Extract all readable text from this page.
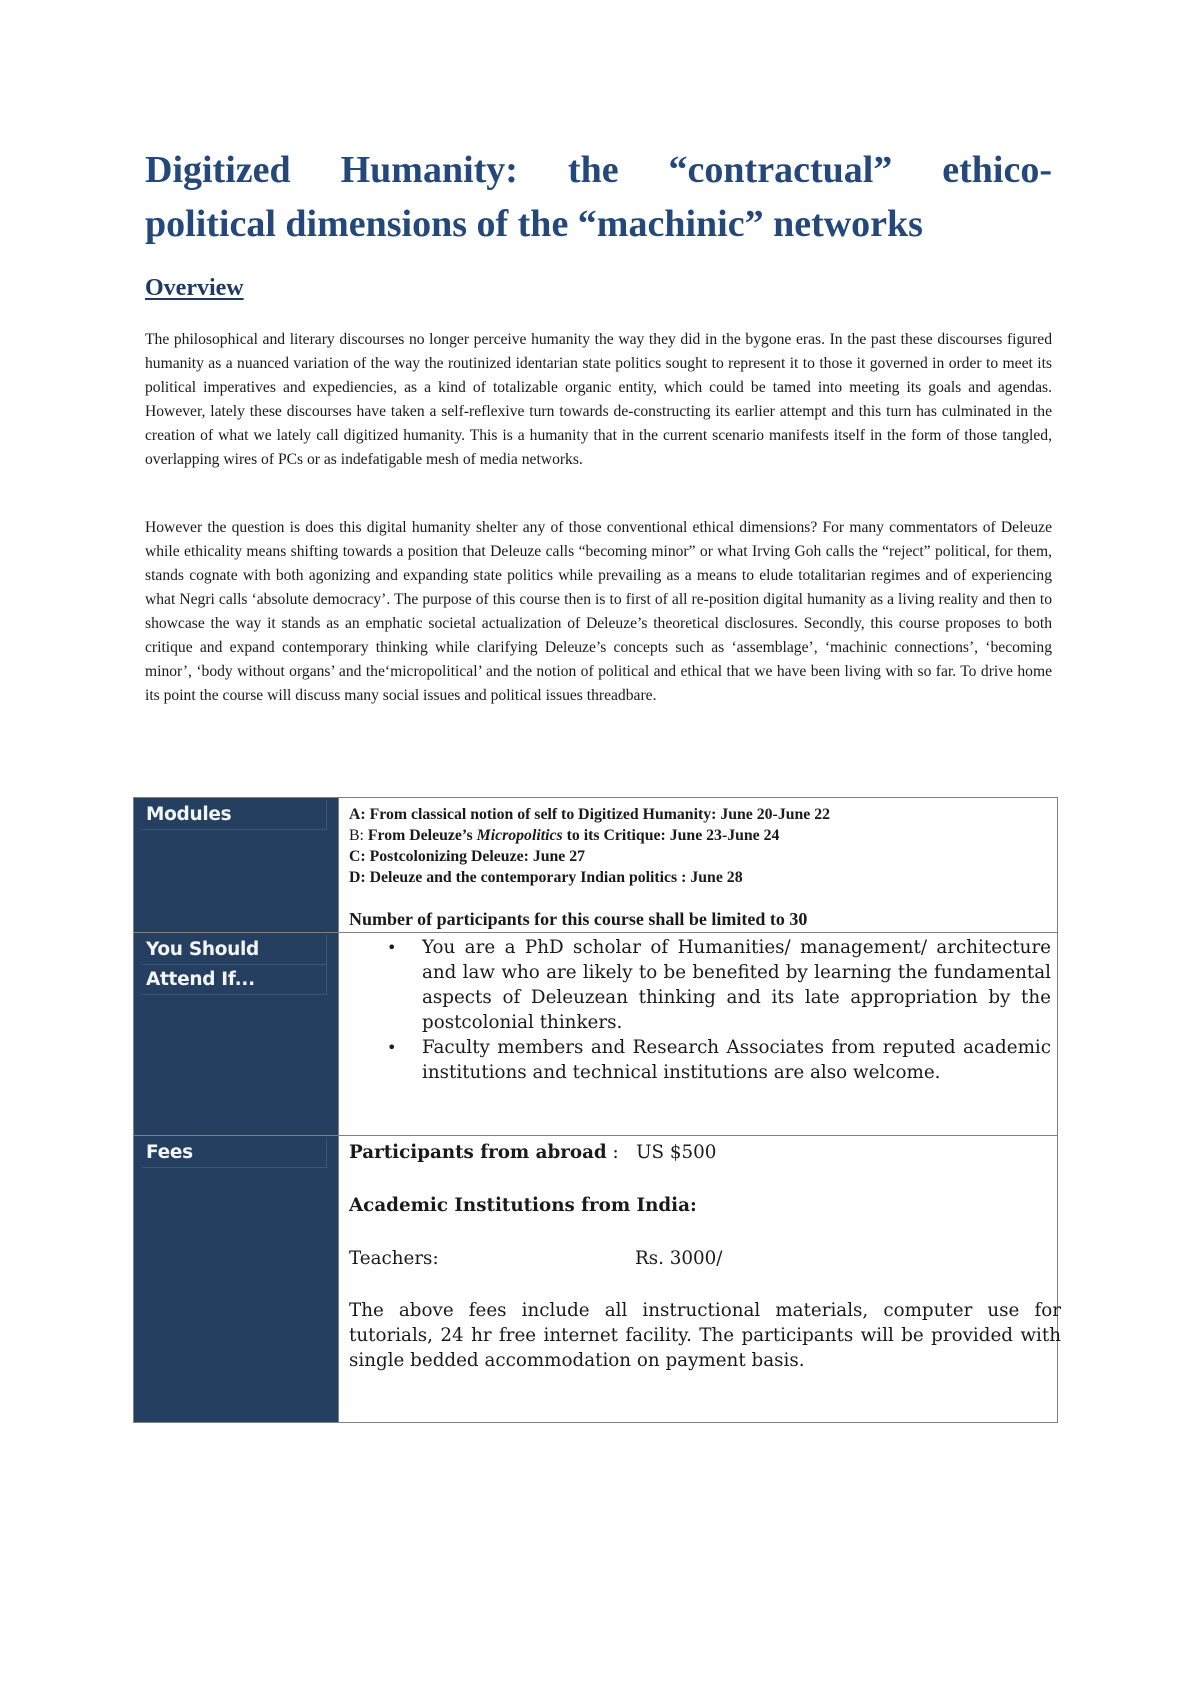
Digitized Humanity: the “contractual” ethico-
political dimensions of the “machinic” networks
Overview

The philosophical and literary discourses no longer perceive humanity the way they did in the bygone eras. In the past these discourses figured humanity as a nuanced variation of the way the routinized identarian state politics sought to represent it to those it governed in order to meet its political imperatives and expediencies, as a kind of totalizable organic entity, which could be tamed into meeting its goals and agendas. However, lately these discourses have taken a self-reflexive turn towards de-constructing its earlier attempt and this turn has culminated in the creation of what we lately call digitized humanity. This is a humanity that in the current scenario manifests itself in the form of those tangled, overlapping wires of PCs or as indefatigable mesh of media networks.

However the question is does this digital humanity shelter any of those conventional ethical dimensions? For many commentators of Deleuze while ethicality means shifting towards a position that Deleuze calls “becoming minor” or what Irving Goh calls the “reject” political, for them, stands cognate with both agonizing and expanding state politics while prevailing as a means to elude totalitarian regimes and of experiencing what Negri calls ‘absolute democracy’. The purpose of this course then is to first of all re-position digital humanity as a living reality and then to showcase the way it stands as an emphatic societal actualization of Deleuze’s theoretical disclosures. Secondly, this course proposes to both critique and expand contemporary thinking while clarifying Deleuze’s concepts such as ‘assemblage’, ‘machinic connections’, ‘becoming minor’, ‘body without organs’ and the‘micropolitical’ and the notion of political and ethical that we have been living with so far. To drive home its point the course will discuss many social issues and political issues threadbare.

Modules	A: From classical notion of self to Digitized Humanity: June 20-June 22
B: From Deleuze’s Micropolitics to its Critique: June 23-June 24
C: Postcolonizing Deleuze: June 27
D: Deleuze and the contemporary Indian politics : June 28

Number of participants for this course shall be limited to 30

You Should
Attend If...
• You are a PhD scholar of Humanities/ management/ architecture and law who are likely to be benefited by learning the fundamental aspects of Deleuzean thinking and its late appropriation by the postcolonial thinkers.
• Faculty members and Research Associates from reputed academic institutions and technical institutions are also welcome.
Fees	Participants from abroad :   US $500

Academic Institutions from India:

Teachers:	Rs. 3000/

The above fees include all instructional materials, computer use for tutorials, 24 hr free internet facility. The participants will be provided with single bedded accommodation on payment basis.
